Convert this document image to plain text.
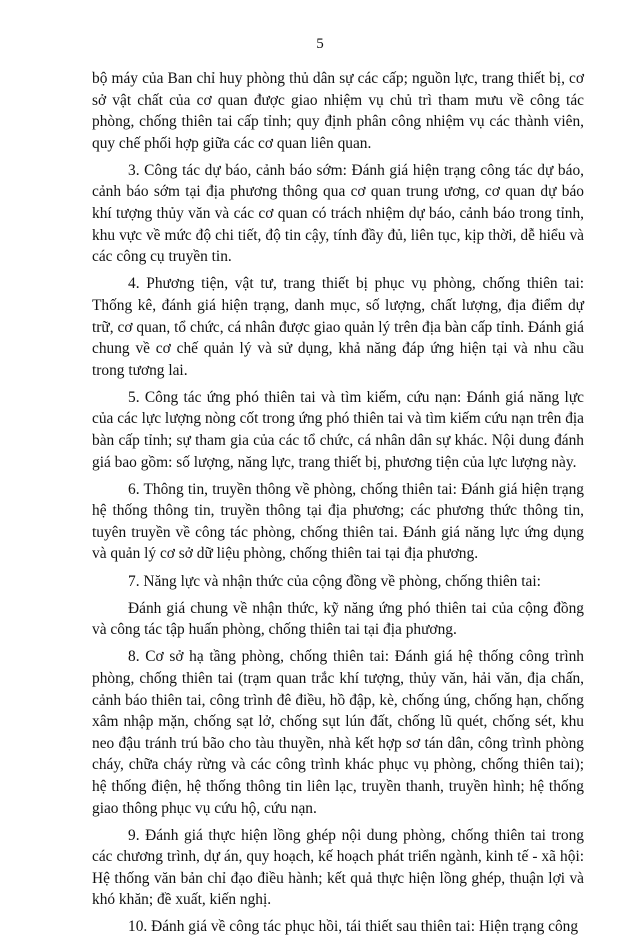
5

bộ máy của Ban chỉ huy phòng thủ dân sự các cấp; nguồn lực, trang thiết bị, cơ sở vật chất của cơ quan được giao nhiệm vụ chủ trì tham mưu về công tác phòng, chống thiên tai cấp tỉnh; quy định phân công nhiệm vụ các thành viên, quy chế phối hợp giữa các cơ quan liên quan.

3. Công tác dự báo, cảnh báo sớm: Đánh giá hiện trạng công tác dự báo, cảnh báo sớm tại địa phương thông qua cơ quan trung ương, cơ quan dự báo khí tượng thủy văn và các cơ quan có trách nhiệm dự báo, cảnh báo trong tỉnh, khu vực về mức độ chi tiết, độ tin cậy, tính đầy đủ, liên tục, kịp thời, dễ hiểu và các công cụ truyền tin.

4. Phương tiện, vật tư, trang thiết bị phục vụ phòng, chống thiên tai: Thống kê, đánh giá hiện trạng, danh mục, số lượng, chất lượng, địa điểm dự trữ, cơ quan, tổ chức, cá nhân được giao quản lý trên địa bàn cấp tỉnh. Đánh giá chung về cơ chế quản lý và sử dụng, khả năng đáp ứng hiện tại và nhu cầu trong tương lai.

5. Công tác ứng phó thiên tai và tìm kiếm, cứu nạn: Đánh giá năng lực của các lực lượng nòng cốt trong ứng phó thiên tai và tìm kiếm cứu nạn trên địa bàn cấp tỉnh; sự tham gia của các tổ chức, cá nhân dân sự khác. Nội dung đánh giá bao gồm: số lượng, năng lực, trang thiết bị, phương tiện của lực lượng này.

6. Thông tin, truyền thông về phòng, chống thiên tai: Đánh giá hiện trạng hệ thống thông tin, truyền thông tại địa phương; các phương thức thông tin, tuyên truyền về công tác phòng, chống thiên tai. Đánh giá năng lực ứng dụng và quản lý cơ sở dữ liệu phòng, chống thiên tai tại địa phương.

7. Năng lực và nhận thức của cộng đồng về phòng, chống thiên tai:

Đánh giá chung về nhận thức, kỹ năng ứng phó thiên tai của cộng đồng và công tác tập huấn phòng, chống thiên tai tại địa phương.

8. Cơ sở hạ tầng phòng, chống thiên tai: Đánh giá hệ thống công trình phòng, chống thiên tai (trạm quan trắc khí tượng, thủy văn, hải văn, địa chấn, cảnh báo thiên tai, công trình đê điều, hồ đập, kè, chống úng, chống hạn, chống xâm nhập mặn, chống sạt lở, chống sụt lún đất, chống lũ quét, chống sét, khu neo đậu tránh trú bão cho tàu thuyền, nhà kết hợp sơ tán dân, công trình phòng cháy, chữa cháy rừng và các công trình khác phục vụ phòng, chống thiên tai); hệ thống điện, hệ thống thông tin liên lạc, truyền thanh, truyền hình; hệ thống giao thông phục vụ cứu hộ, cứu nạn.

9. Đánh giá thực hiện lồng ghép nội dung phòng, chống thiên tai trong các chương trình, dự án, quy hoạch, kế hoạch phát triển ngành, kinh tế - xã hội: Hệ thống văn bản chỉ đạo điều hành; kết quả thực hiện lồng ghép, thuận lợi và khó khăn; đề xuất, kiến nghị.

10. Đánh giá về công tác phục hồi, tái thiết sau thiên tai: Hiện trạng công
